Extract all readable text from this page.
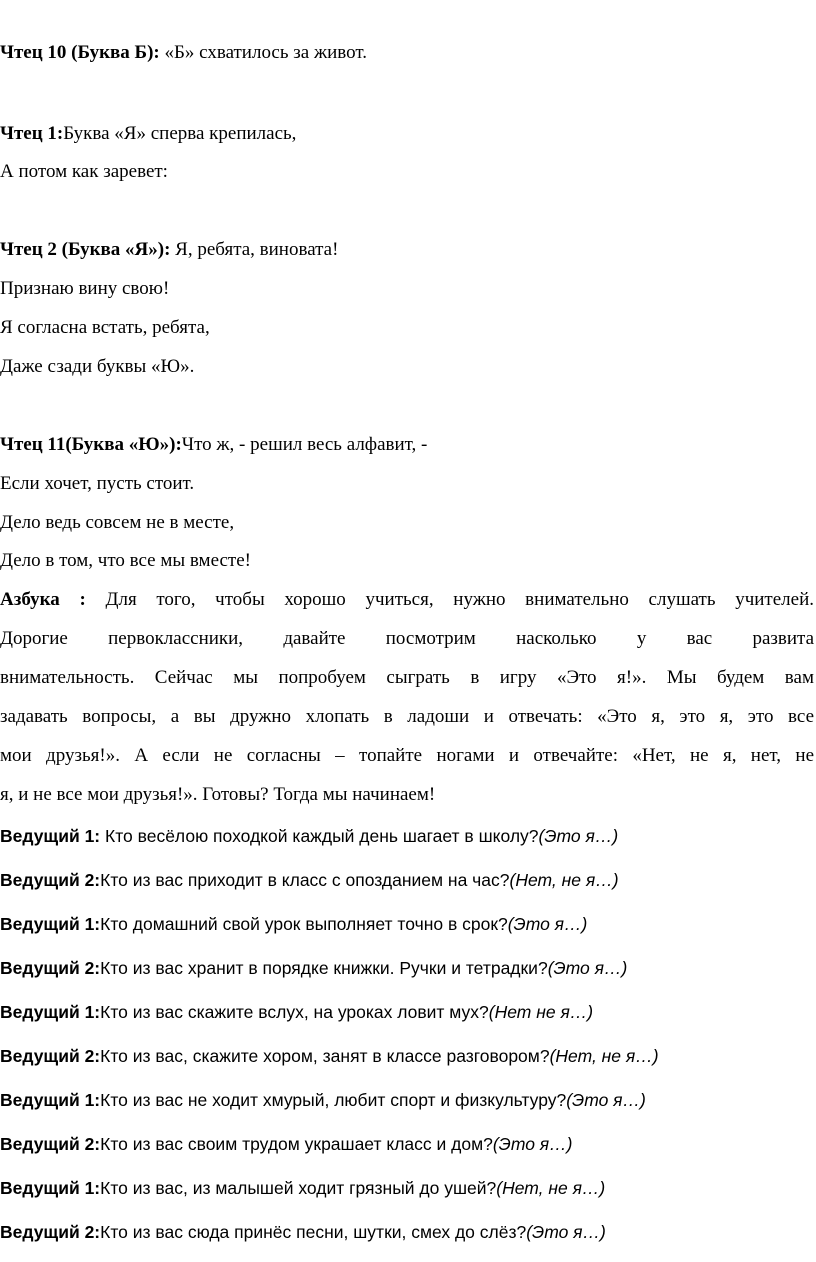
Чтец 10 (Буква Б): «Б» схватилось за живот.
Чтец 1:Буква «Я» сперва крепилась,
А потом как заревет:
Чтец 2 (Буква «Я»): Я, ребята, виновата!
Признаю вину свою!
Я согласна встать, ребята,
Даже сзади буквы «Ю».
Чтец 11(Буква «Ю»):Что ж, - решил весь алфавит, -
Если хочет, пусть стоит.
Дело ведь совсем не в месте,
Дело в том, что все мы вместе!
Азбука : Для того, чтобы хорошо учиться, нужно внимательно слушать учителей.
Дорогие первоклассники, давайте посмотрим насколько у вас развита
внимательность. Сейчас мы попробуем сыграть в игру «Это я!». Мы будем вам
задавать вопросы, а вы дружно хлопать в ладоши и отвечать: «Это я, это я, это все
мои друзья!». А если не согласны – топайте ногами и отвечайте: «Нет, не я, нет, не
я, и не все мои друзья!». Готовы? Тогда мы начинаем!
Ведущий 1: Кто весёлою походкой каждый день шагает в школу?(Это я…)
Ведущий 2:Кто из вас приходит в класс с опозданием на час?(Нет, не я…)
Ведущий 1:Кто домашний свой урок выполняет точно в срок?(Это я…)
Ведущий 2:Кто из вас хранит в порядке книжки. Ручки и тетрадки?(Это я…)
Ведущий 1:Кто из вас скажите вслух, на уроках ловит мух?(Нет не я…)
Ведущий 2:Кто из вас, скажите хором, занят в классе разговором?(Нет, не я…)
Ведущий 1:Кто из вас не ходит хмурый, любит спорт и физкультуру?(Это я…)
Ведущий 2:Кто из вас своим трудом украшает класс и дом?(Это я…)
Ведущий 1:Кто из вас, из малышей ходит грязный до ушей?(Нет, не я…)
Ведущий 2:Кто из вас сюда принёс песни, шутки, смех до слёз?(Это я…)
